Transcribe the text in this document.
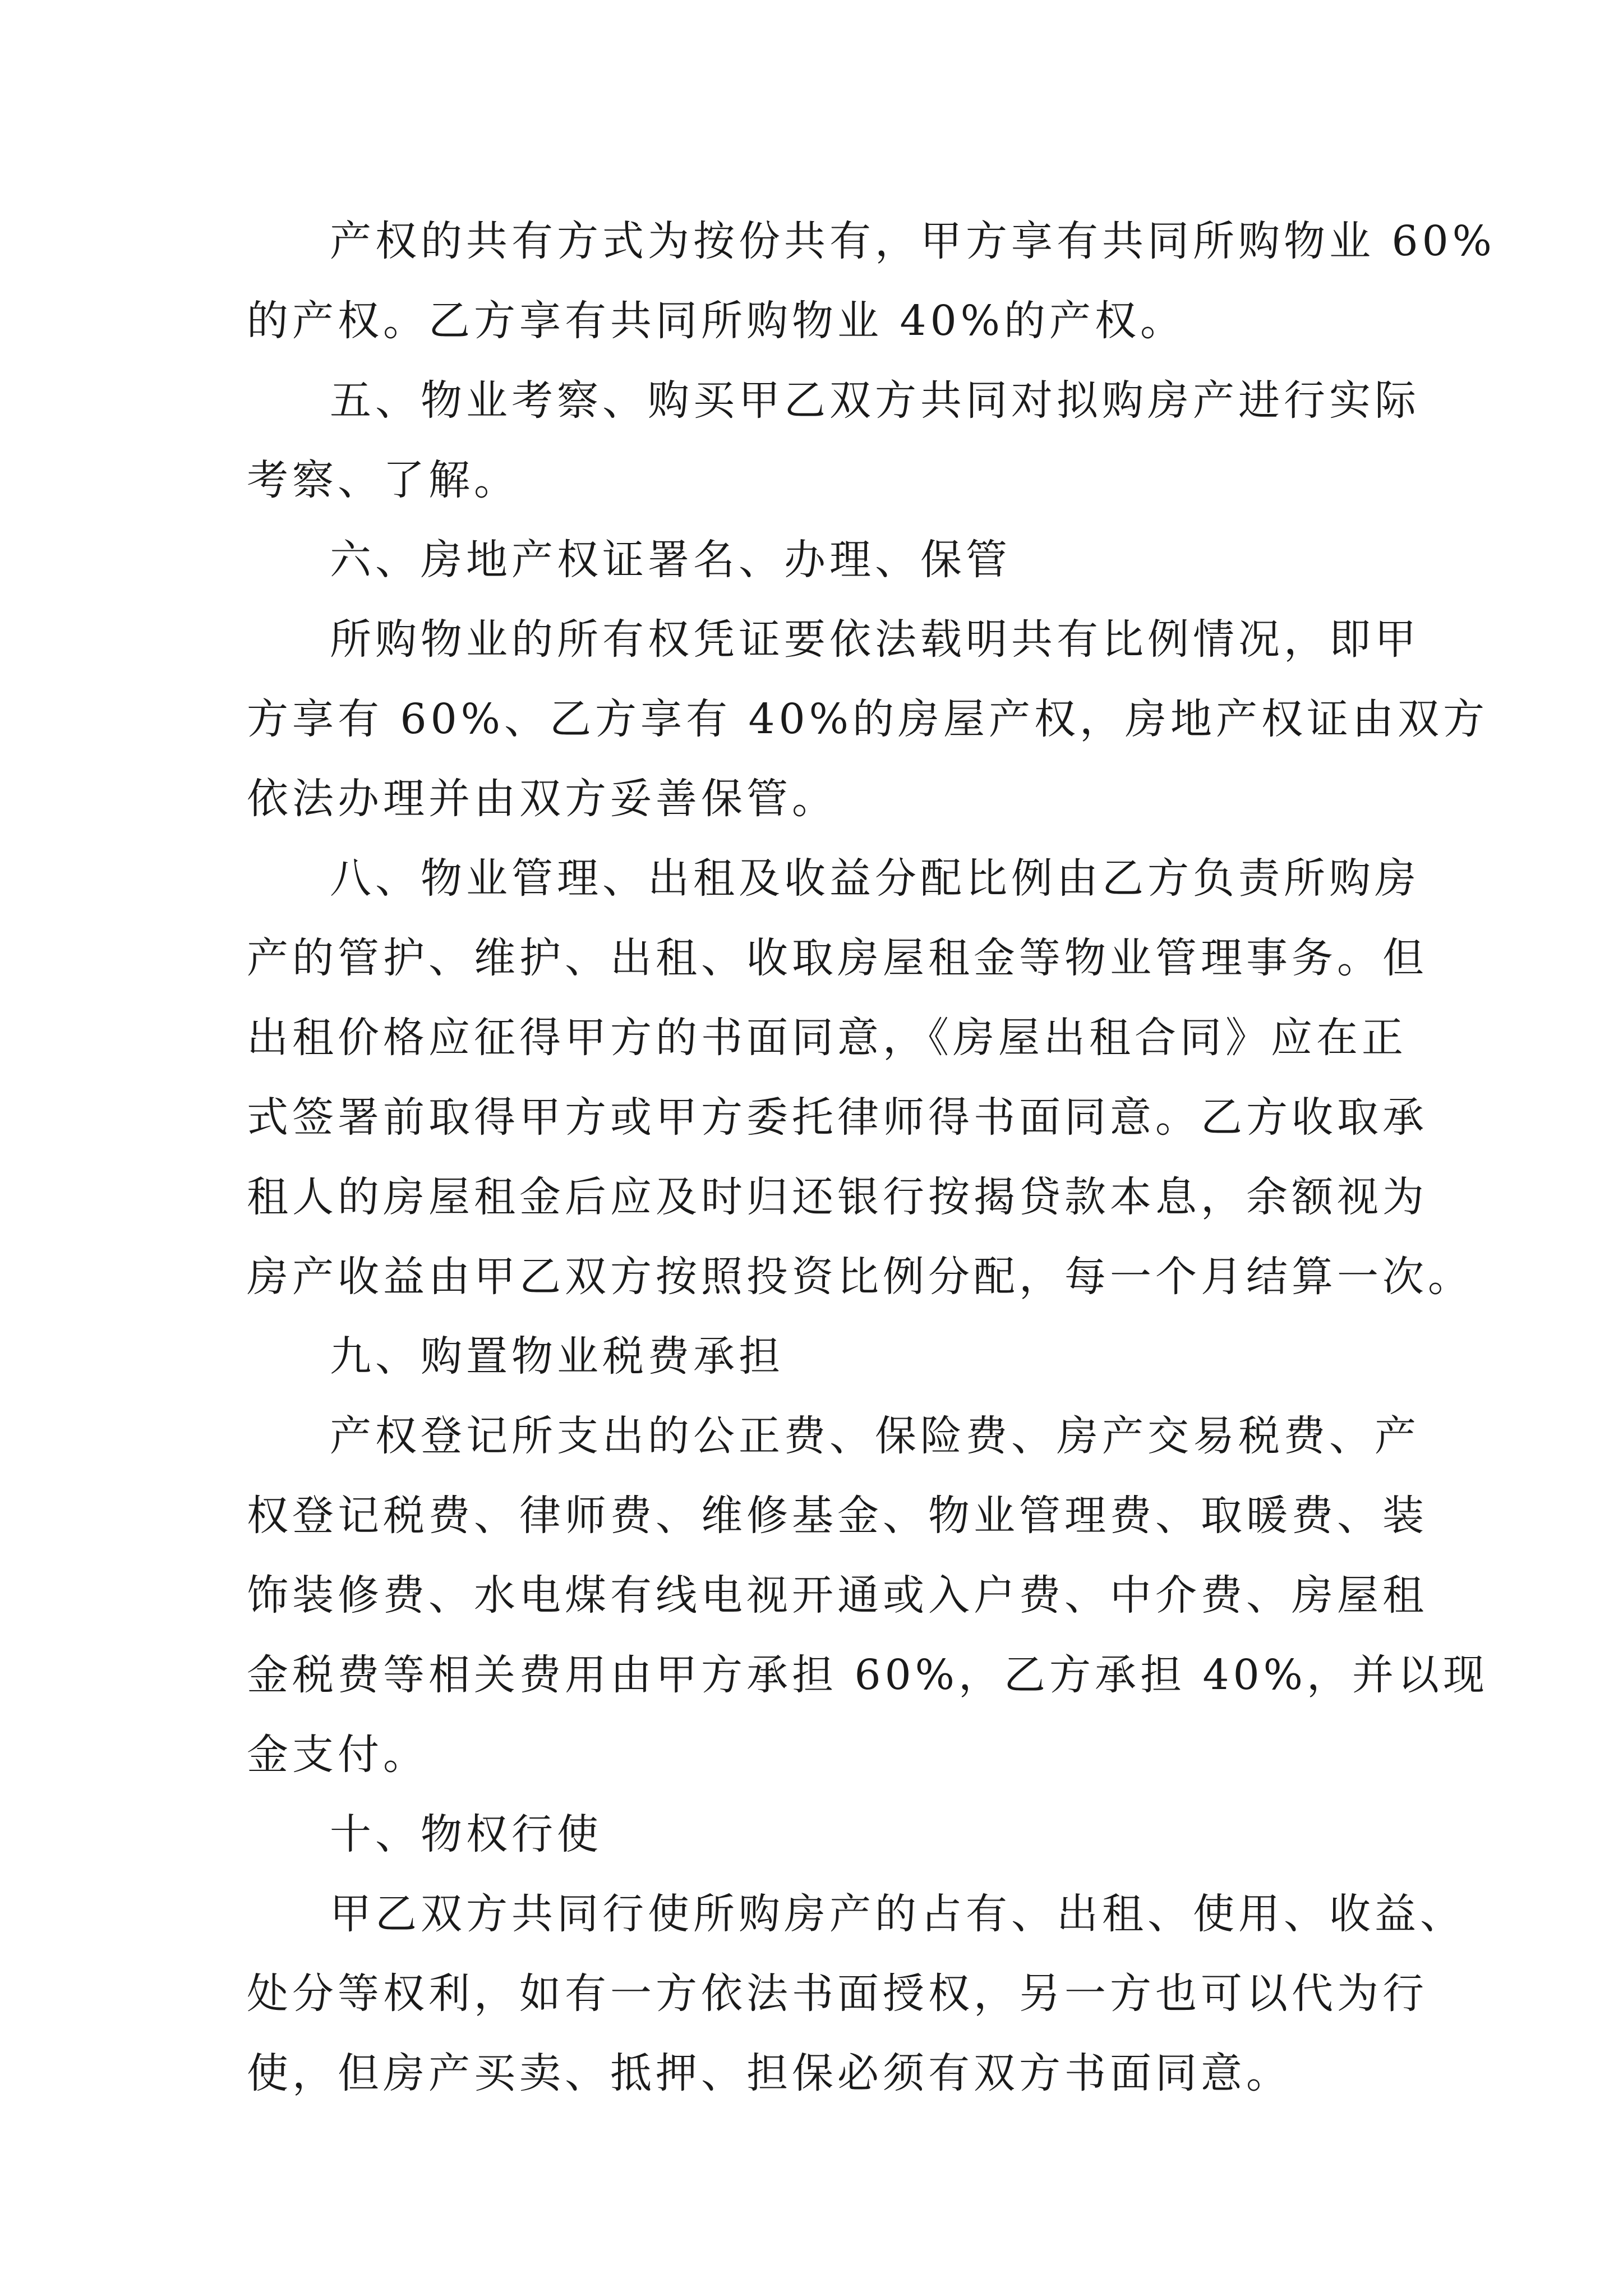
产权的共有方式为按份共有，甲方享有共同所购物业 60%
的产权。乙方享有共同所购物业 40%的产权。
五、物业考察、购买甲乙双方共同对拟购房产进行实际
考察、了解。
六、房地产权证署名、办理、保管
所购物业的所有权凭证要依法载明共有比例情况，即甲
方享有 60%、乙方享有 40%的房屋产权，房地产权证由双方
依法办理并由双方妥善保管。
八、物业管理、出租及收益分配比例由乙方负责所购房
产的管护、维护、出租、收取房屋租金等物业管理事务。但
出租价格应征得甲方的书面同意，《房屋出租合同》应在正
式签署前取得甲方或甲方委托律师得书面同意。乙方收取承
租人的房屋租金后应及时归还银行按揭贷款本息，余额视为
房产收益由甲乙双方按照投资比例分配，每一个月结算一次。
九、购置物业税费承担
产权登记所支出的公正费、保险费、房产交易税费、产
权登记税费、律师费、维修基金、物业管理费、取暖费、装
饰装修费、水电煤有线电视开通或入户费、中介费、房屋租
金税费等相关费用由甲方承担 60%，乙方承担 40%，并以现
金支付。
十、物权行使
甲乙双方共同行使所购房产的占有、出租、使用、收益、
处分等权利，如有一方依法书面授权，另一方也可以代为行
使，但房产买卖、抵押、担保必须有双方书面同意。
